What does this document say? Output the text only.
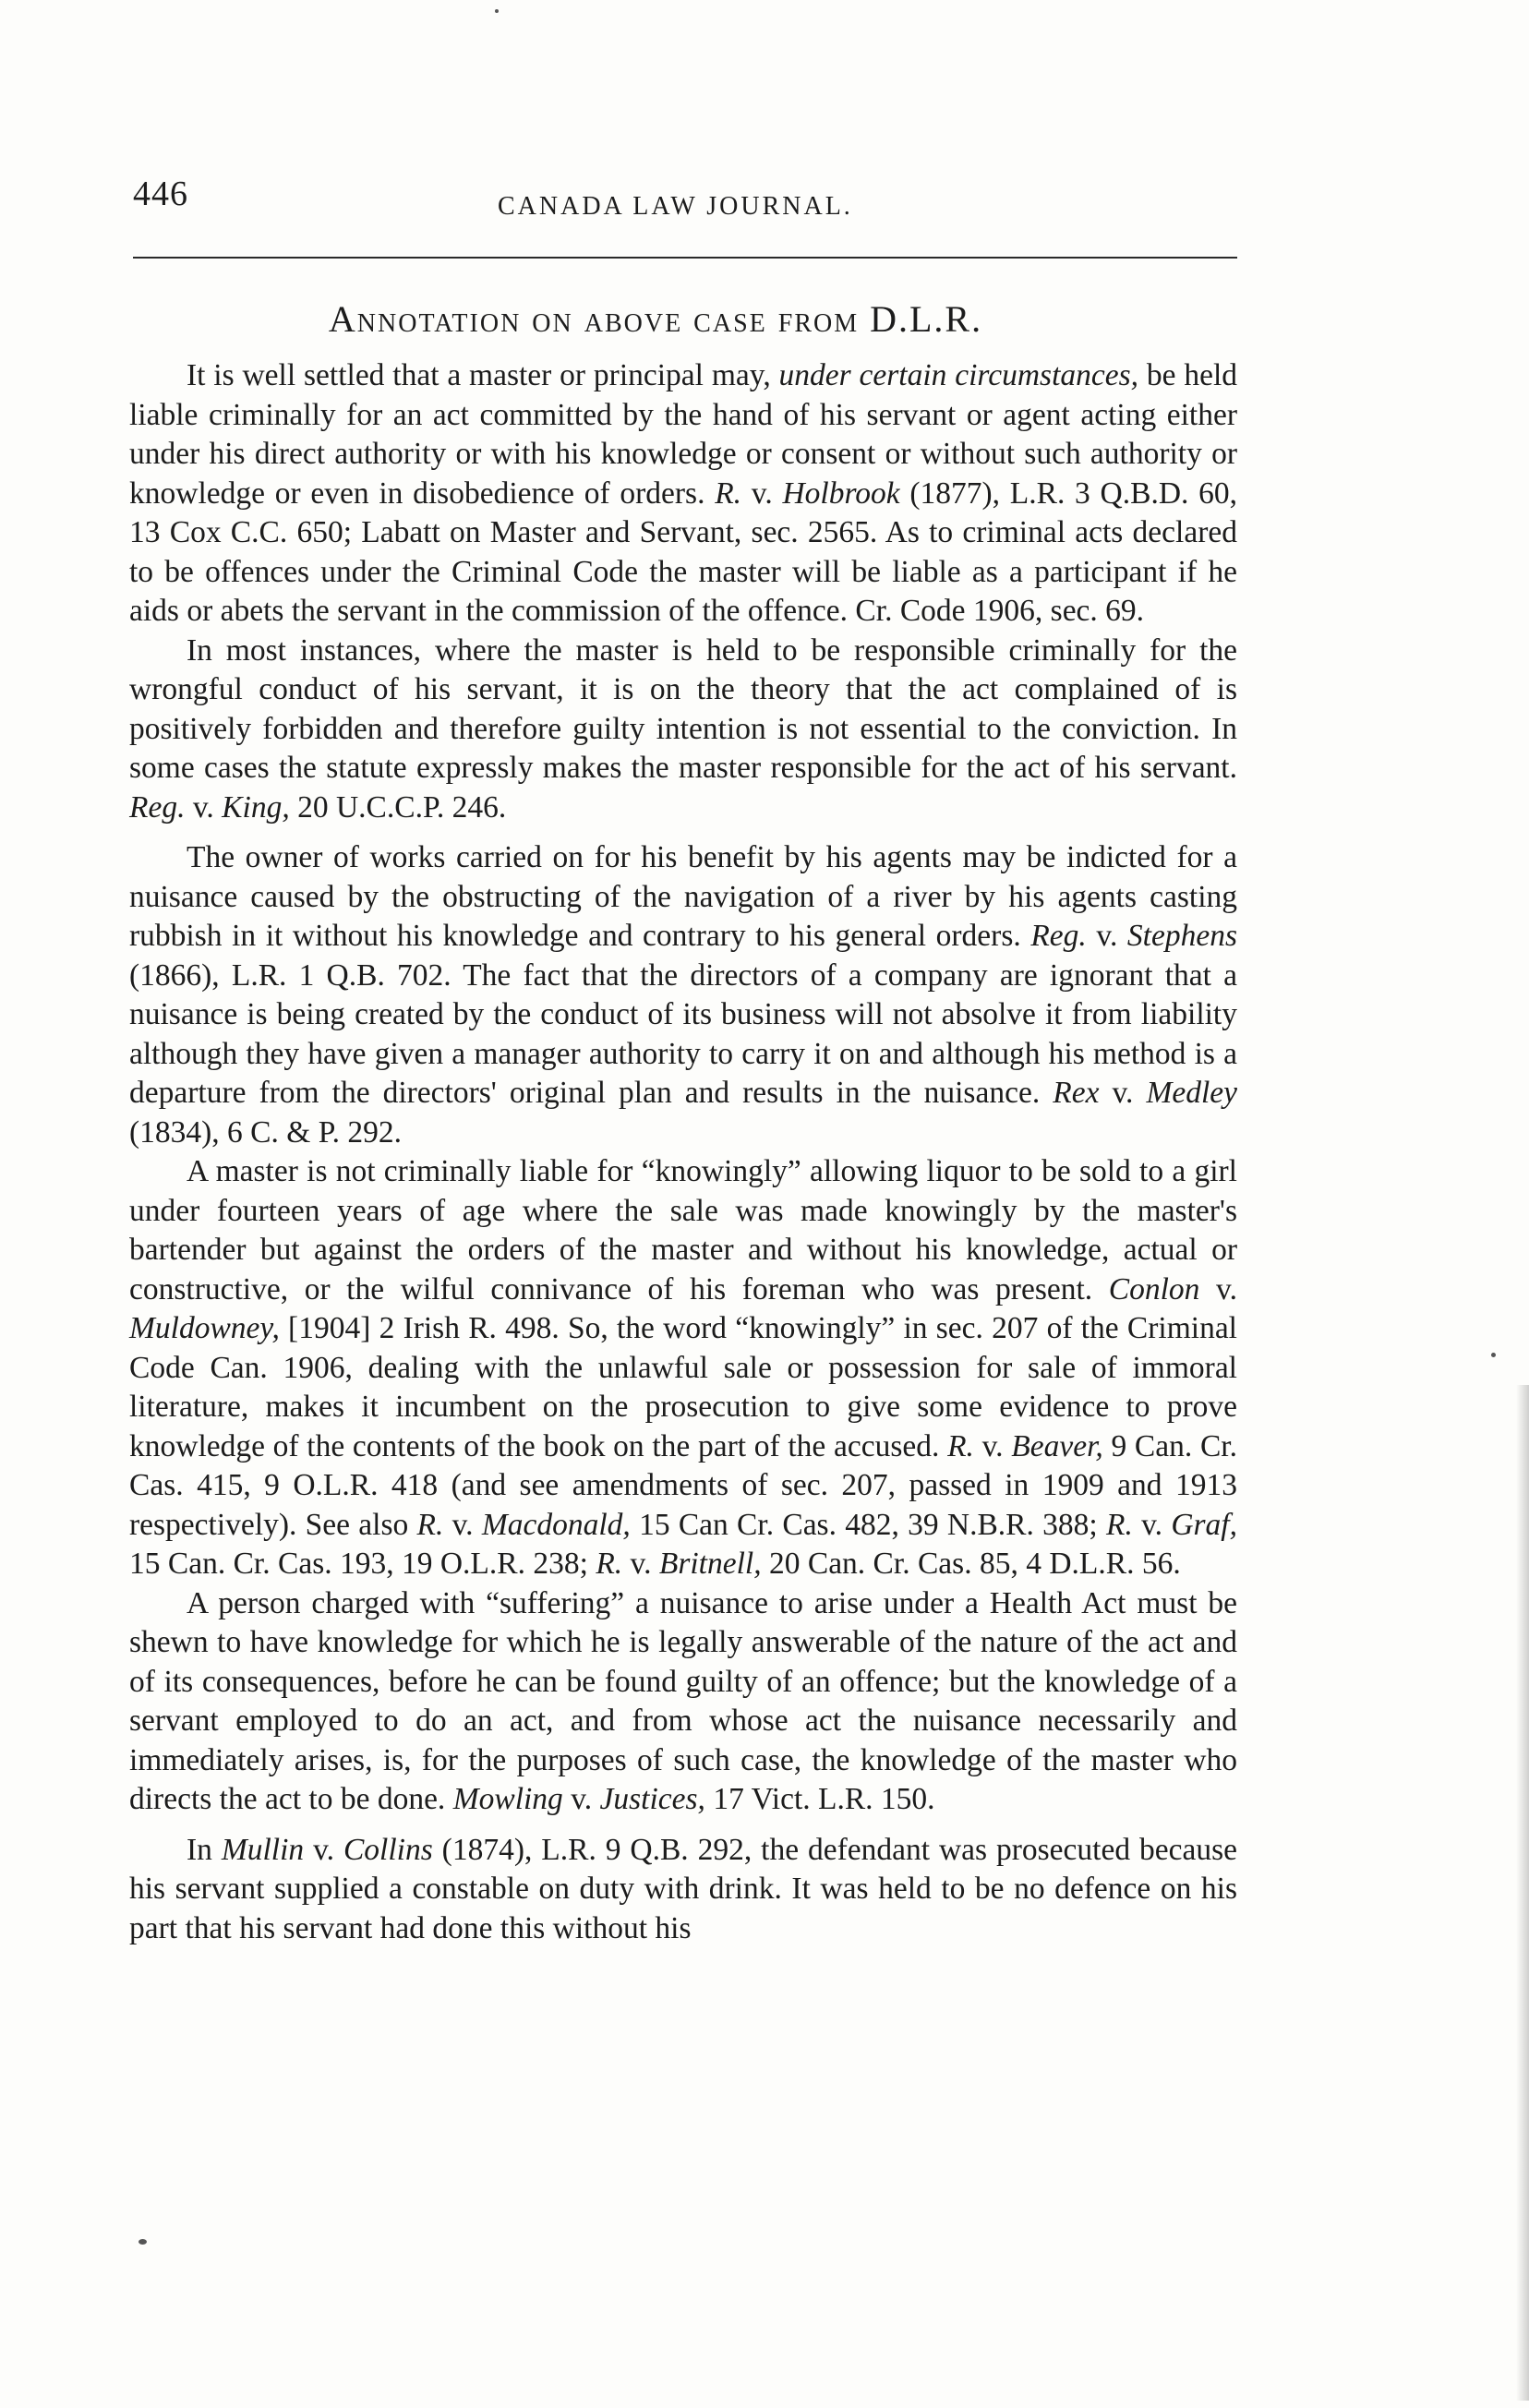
446	CANADA LAW JOURNAL.
Annotation on above case from D.L.R.

It is well settled that a master or principal may, under certain circumstances, be held liable criminally for an act committed by the hand of his servant or agent acting either under his direct authority or with his knowledge or consent or without such authority or knowledge or even in disobedience of orders. R. v. Holbrook (1877), L.R. 3 Q.B.D. 60, 13 Cox C.C. 650; Labatt on Master and Servant, sec. 2565. As to criminal acts declared to be offences under the Criminal Code the master will be liable as a participant if he aids or abets the servant in the commission of the offence. Cr. Code 1906, sec. 69.

In most instances, where the master is held to be responsible criminally for the wrongful conduct of his servant, it is on the theory that the act complained of is positively forbidden and therefore guilty intention is not essential to the conviction. In some cases the statute expressly makes the master responsible for the act of his servant. Reg. v. King, 20 U.C.C.P. 246.

The owner of works carried on for his benefit by his agents may be indicted for a nuisance caused by the obstructing of the navigation of a river by his agents casting rubbish in it without his knowledge and contrary to his general orders. Reg. v. Stephens (1866), L.R. 1 Q.B. 702. The fact that the directors of a company are ignorant that a nuisance is being created by the conduct of its business will not absolve it from liability although they have given a manager authority to carry it on and although his method is a departure from the directors' original plan and results in the nuisance. Rex v. Medley (1834), 6 C. & P. 292.

A master is not criminally liable for “knowingly” allowing liquor to be sold to a girl under fourteen years of age where the sale was made knowingly by the master's bartender but against the orders of the master and without his knowledge, actual or constructive, or the wilful connivance of his foreman who was present. Conlon v. Muldowney, [1904] 2 Irish R. 498. So, the word “knowingly” in sec. 207 of the Criminal Code Can. 1906, dealing with the unlawful sale or possession for sale of immoral literature, makes it incumbent on the prosecution to give some evidence to prove knowledge of the contents of the book on the part of the accused. R. v. Beaver, 9 Can. Cr. Cas. 415, 9 O.L.R. 418 (and see amendments of sec. 207, passed in 1909 and 1913 respectively). See also R. v. Macdonald, 15 Can Cr. Cas. 482, 39 N.B.R. 388; R. v. Graf, 15 Can. Cr. Cas. 193, 19 O.L.R. 238; R. v. Britnell, 20 Can. Cr. Cas. 85, 4 D.L.R. 56.

A person charged with “suffering” a nuisance to arise under a Health Act must be shewn to have knowledge for which he is legally answerable of the nature of the act and of its consequences, before he can be found guilty of an offence; but the knowledge of a servant employed to do an act, and from whose act the nuisance necessarily and immediately arises, is, for the purposes of such case, the knowledge of the master who directs the act to be done. Mowling v. Justices, 17 Vict. L.R. 150.

In Mullin v. Collins (1874), L.R. 9 Q.B. 292, the defendant was prosecuted because his servant supplied a constable on duty with drink. It was held to be no defence on his part that his servant had done this without his
